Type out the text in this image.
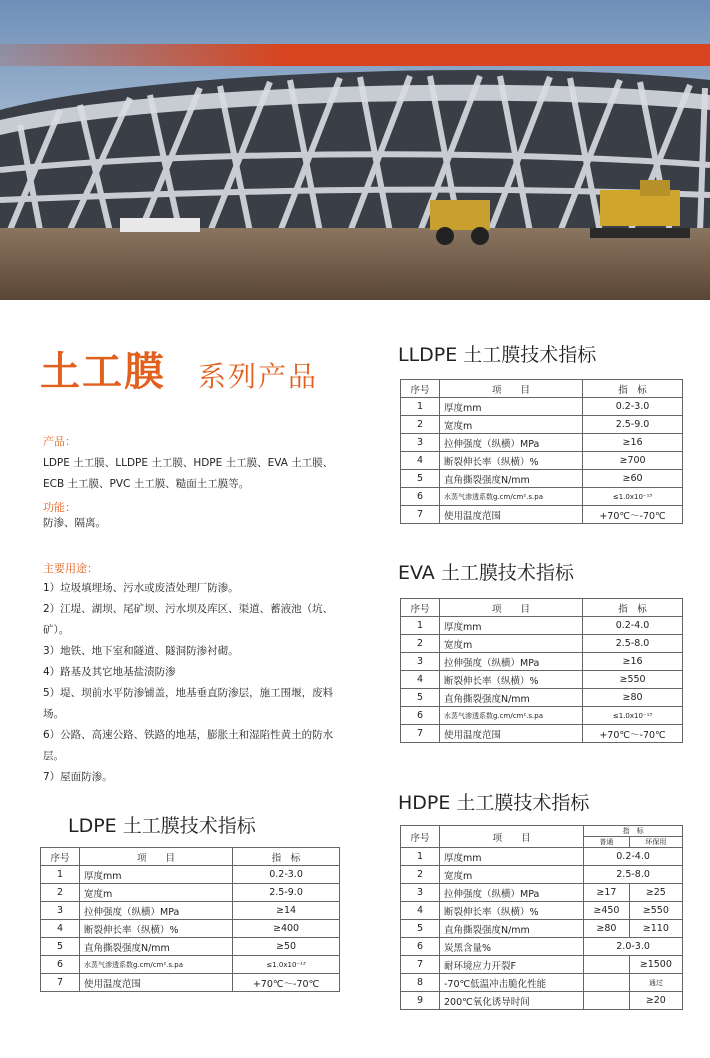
土工膜 系列产品
产品：
LDPE 土工膜、LLDPE 土工膜、HDPE 土工膜、EVA 土工膜、ECB 土工膜、PVC 土工膜、糙面土工膜等。
功能：
防渗、隔离。
主要用途：
1）垃圾填埋场、污水或废渣处理厂防渗。
2）江堤、湖坝、尾矿坝、污水坝及库区、渠道、蓄液池（坑、矿）。
3）地铁、地下室和隧道、隧洞防渗衬砌。
4）路基及其它地基盐渍防渗
5）堤、坝前水平防渗铺盖，地基垂直防渗层，施工围堰，废料场。
6）公路、高速公路、铁路的地基，膨胀土和湿陷性黄土的防水层。
7）屋面防渗。
LLDPE 土工膜技术指标
序号	项　　目	指　标
1	厚度mm	0.2-3.0
2	宽度m	2.5-9.0
3	拉伸强度（纵横）MPa	≥16
4	断裂伸长率（纵横）%	≥700
5	直角撕裂强度N/mm	≥60
6	水蒸气渗透系数g.cm/cm².s.pa	≤1.0x10⁻¹³
7	使用温度范围	+70℃～-70℃
EVA 土工膜技术指标
序号	项　　目	指　标
1	厚度mm	0.2-4.0
2	宽度m	2.5-8.0
3	拉伸强度（纵横）MPa	≥16
4	断裂伸长率（纵横）%	≥550
5	直角撕裂强度N/mm	≥80
6	水蒸气渗透系数g.cm/cm².s.pa	≤1.0x10⁻¹³
7	使用温度范围	+70℃～-70℃
HDPE 土工膜技术指标
序号	项　　目	指　标	
		普通	环保用
1	厚度mm	0.2-4.0	
2	宽度m	2.5-8.0	
3	拉伸强度（纵横）MPa	≥17	≥25
4	断裂伸长率（纵横）%	≥450	≥550
5	直角撕裂强度N/mm	≥80	≥110
6	炭黑含量%	2.0-3.0	
7	耐环境应力开裂F		≥1500
8	-70℃低温冲击脆化性能		通过
9	200℃氧化诱导时间		≥20
LDPE 土工膜技术指标
序号	项　　目	指　标
1	厚度mm	0.2-3.0
2	宽度m	2.5-9.0
3	拉伸强度（纵横）MPa	≥14
4	断裂伸长率（纵横）%	≥400
5	直角撕裂强度N/mm	≥50
6	水蒸气渗透系数g.cm/cm².s.pa	≤1.0x10⁻¹³
7	使用温度范围	+70℃～-70℃
